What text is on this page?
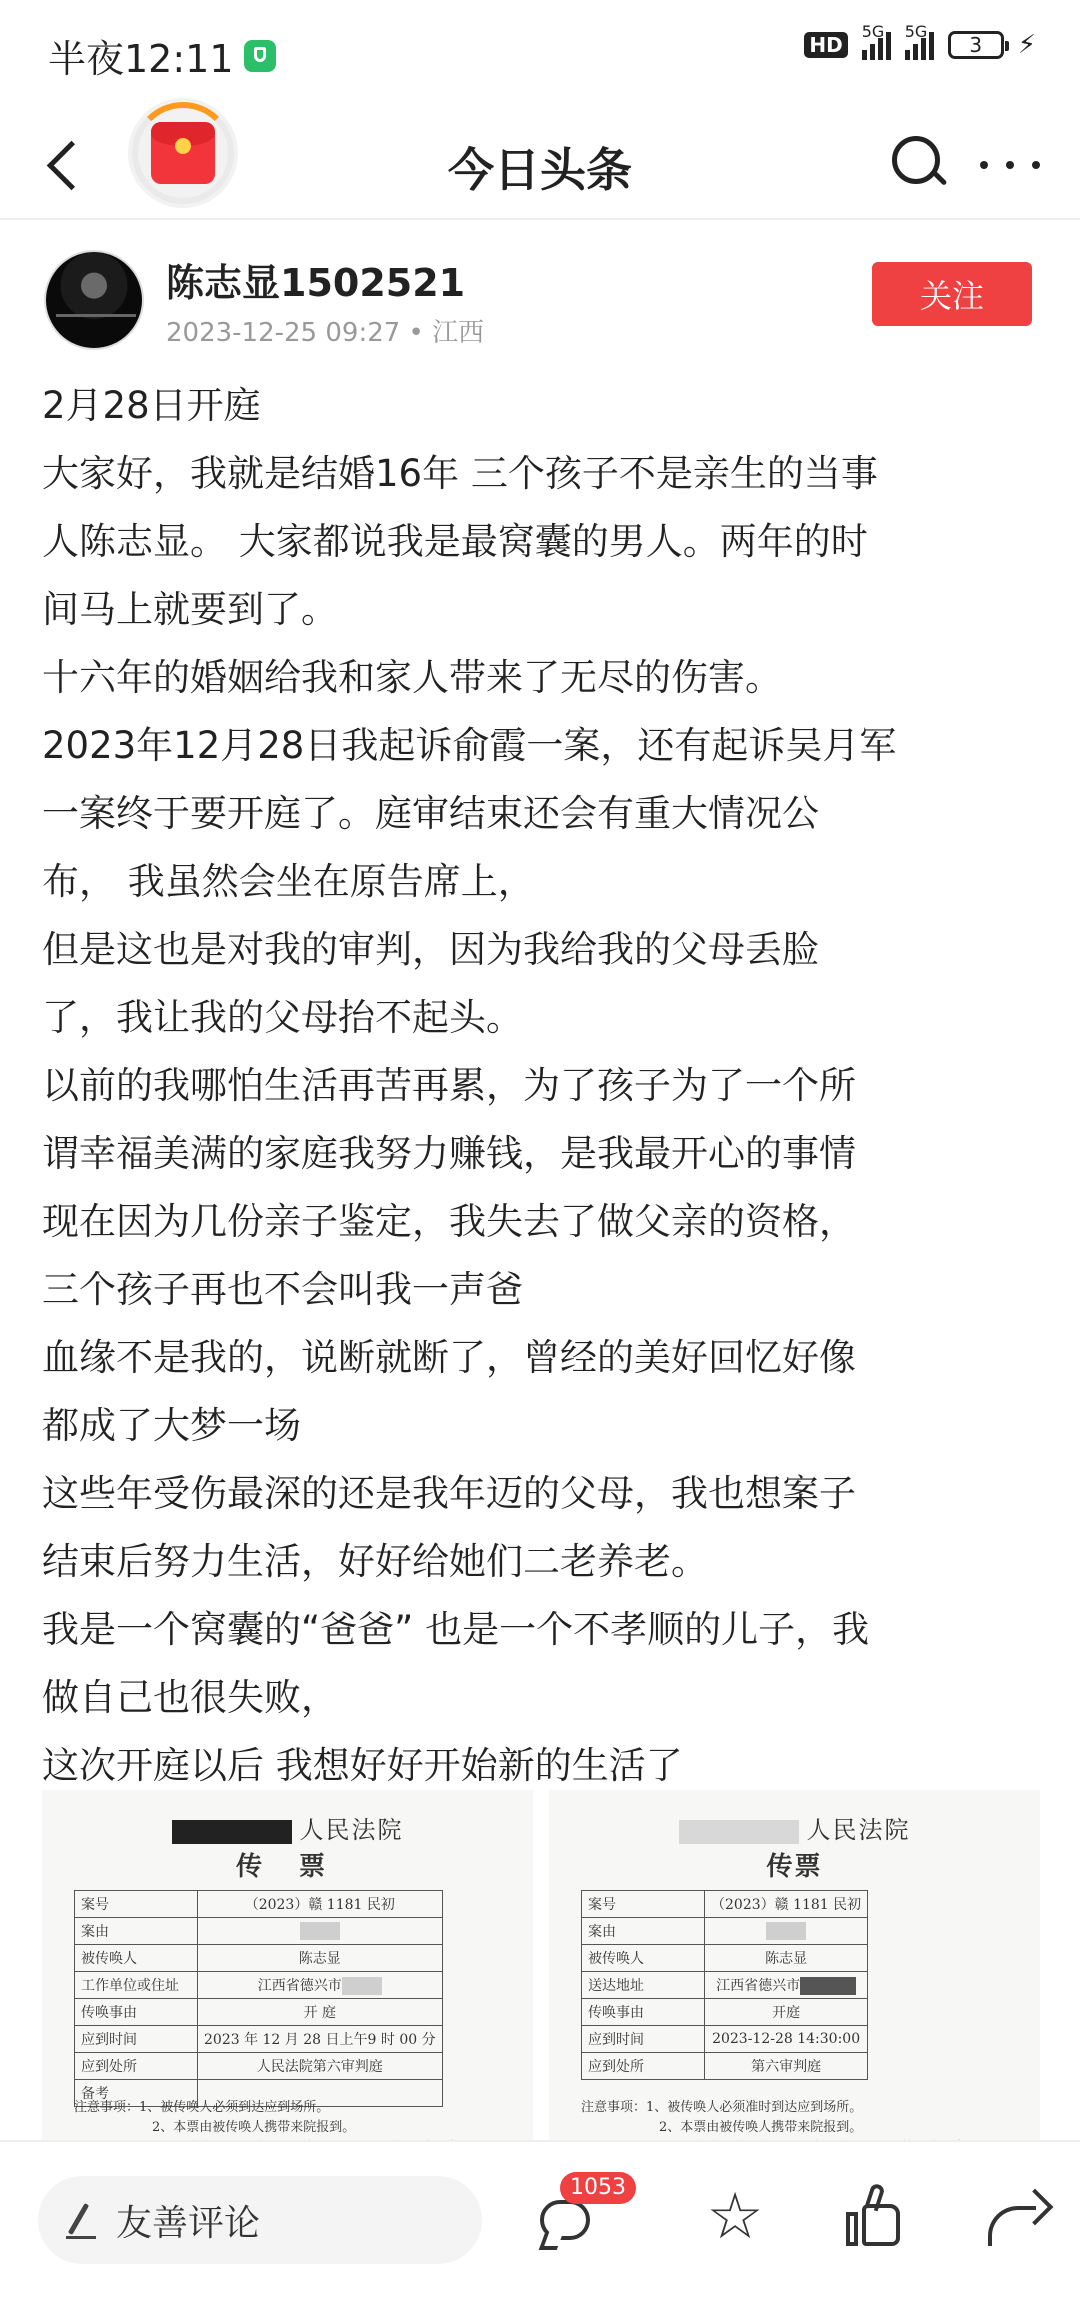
半夜12:11	HD
5G 5G
3 ⚡
今日头条
陈志显1502521
2023-12-25 09:27 • 江西
关注

2月28日开庭

大家好，我就是结婚16年 三个孩子不是亲生的当事

人陈志显。 大家都说我是最窝囊的男人。两年的时

间马上就要到了。

十六年的婚姻给我和家人带来了无尽的伤害。

2023年12月28日我起诉俞霞一案，还有起诉吴月军

一案终于要开庭了。庭审结束还会有重大情况公

布， 我虽然会坐在原告席上，

但是这也是对我的审判，因为我给我的父母丢脸

了，我让我的父母抬不起头。

以前的我哪怕生活再苦再累，为了孩子为了一个所

谓幸福美满的家庭我努力赚钱，是我最开心的事情

现在因为几份亲子鉴定，我失去了做父亲的资格，

三个孩子再也不会叫我一声爸

血缘不是我的，说断就断了，曾经的美好回忆好像

都成了大梦一场

这些年受伤最深的还是我年迈的父母，我也想案子

结束后努力生活，好好给她们二老养老。

我是一个窝囊的“爸爸” 也是一个不孝顺的儿子，我

做自己也很失败，

这次开庭以后 我想好好开始新的生活了

人民法院
传 票
案号	（2023）赣 1181 民初
案由	
被传唤人	陈志显
工作单位或住址	江西省德兴市
传唤事由	开 庭
应到时间	2023 年 12 月 28 日上午9 时 00 分
应到处所	人民法院第六审判庭
备考	
注意事项：1、被传唤人必须到达应到场所。
2、本票由被传唤人携带来院报到。
人民法院
传票
案号	（2023）赣 1181 民初
案由	
被传唤人	陈志显
送达地址	江西省德兴市
传唤事由	开庭
应到时间	2023-12-28 14:30:00
应到处所	第六审判庭
注意事项：1、被传唤人必须准时到达应到场所。
2、本票由被传唤人携带来院报到。
友善评论
1053 ☆
